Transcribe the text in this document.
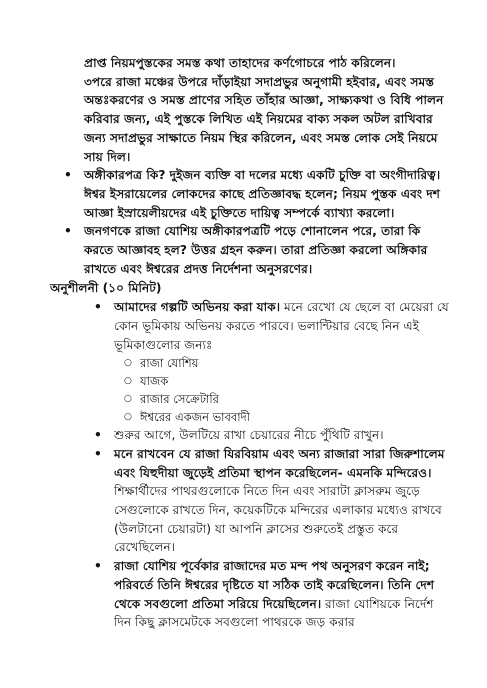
প্রাপ্ত নিয়মপুস্তকের সমস্ত কথা তাহাদের কর্ণগোচরে পাঠ করিলেন।
৩পরে রাজা মঞ্চের উপরে দাঁড়াইয়া সদাপ্রভুর অনুগামী হইবার, এবং সমস্ত অন্তঃকরণের ও সমস্ত প্রাণের সহিত তাঁহার আজ্ঞা, সাক্ষ্যকথা ও বিধি পালন করিবার জন্য, এই পুস্তকে লিখিত এই নিয়মের বাক্য সকল অটল রাখিবার জন্য সদাপ্রভুর সাক্ষাতে নিয়ম স্থির করিলেন, এবং সমস্ত লোক সেই নিয়মে সায় দিল।
• অঙ্গীকারপত্র কি? দুইজন ব্যক্তি বা দলের মধ্যে একটি চুক্তি বা অংগীদারিত্ব। ঈশ্বর ইসরায়েলের লোকদের কাছে প্রতিজ্ঞাবদ্ধ হলেন; নিয়ম পুস্তক এবং দশ আজ্ঞা ইস্রায়েলীয়দের এই চুক্তিতে দায়িত্ব সম্পর্কে ব্যাখ্যা করলো।
• জনগণকে রাজা যোশিয় অঙ্গীকারপত্রটি পড়ে শোনালেন পরে, তারা কি করতে আজ্ঞাবহ হল? উত্তর গ্রহন করুন। তারা প্রতিজ্ঞা করলো অঙ্গিকার রাখতে এবং ঈশ্বরের প্রদত্ত নির্দেশনা অনুসরণের।
অনুশীলনী (১০ মিনিট)
• আমাদের গল্পটি অভিনয় করা যাক। মনে রেখো যে ছেলে বা মেয়েরা যে কোন ভূমিকায় অভিনয় করতে পারবে। ভলান্টিয়ার বেছে নিন এই ভূমিকাগুলোর জন্যঃ
○ রাজা যোশিয়
○ যাজক
○ রাজার সেক্রেটারি
○ ঈশ্বরের একজন ভাববাদী
• শুরুর আগে, উলটিয়ে রাখা চেয়ারের নীচে পুঁথিটি রাখুন।
• মনে রাখবেন যে রাজা যিরবিয়াম এবং অন্য রাজারা সারা জিরুশালেম এবং যিহুদীয়া জুড়েই প্রতিমা স্থাপন করেছিলেন- এমনকি মন্দিরেও। শিক্ষার্থীদের পাথরগুলোকে নিতে দিন এবং সারাটা ক্লাসরুম জুড়ে সেগুলোকে রাখতে দিন, কয়েকটিকে মন্দিরের এলাকার মধ্যেও রাখবে (উলটানো চেয়ারটা) যা আপনি ক্লাসের শুরুতেই প্রস্তুত করে রেখেছিলেন।
• রাজা যোশিয় পূর্বেকার রাজাদের মত মন্দ পথ অনুসরণ করেন নাই; পরিবর্তে তিনি ঈশ্বরের দৃষ্টিতে যা সঠিক তাই করেছিলেন। তিনি দেশ থেকে সবগুলো প্রতিমা সরিয়ে দিয়েছিলেন। রাজা যোশিয়কে নির্দেশ দিন কিছু ক্লাসমেটকে সবগুলো পাথরকে জড় করার
